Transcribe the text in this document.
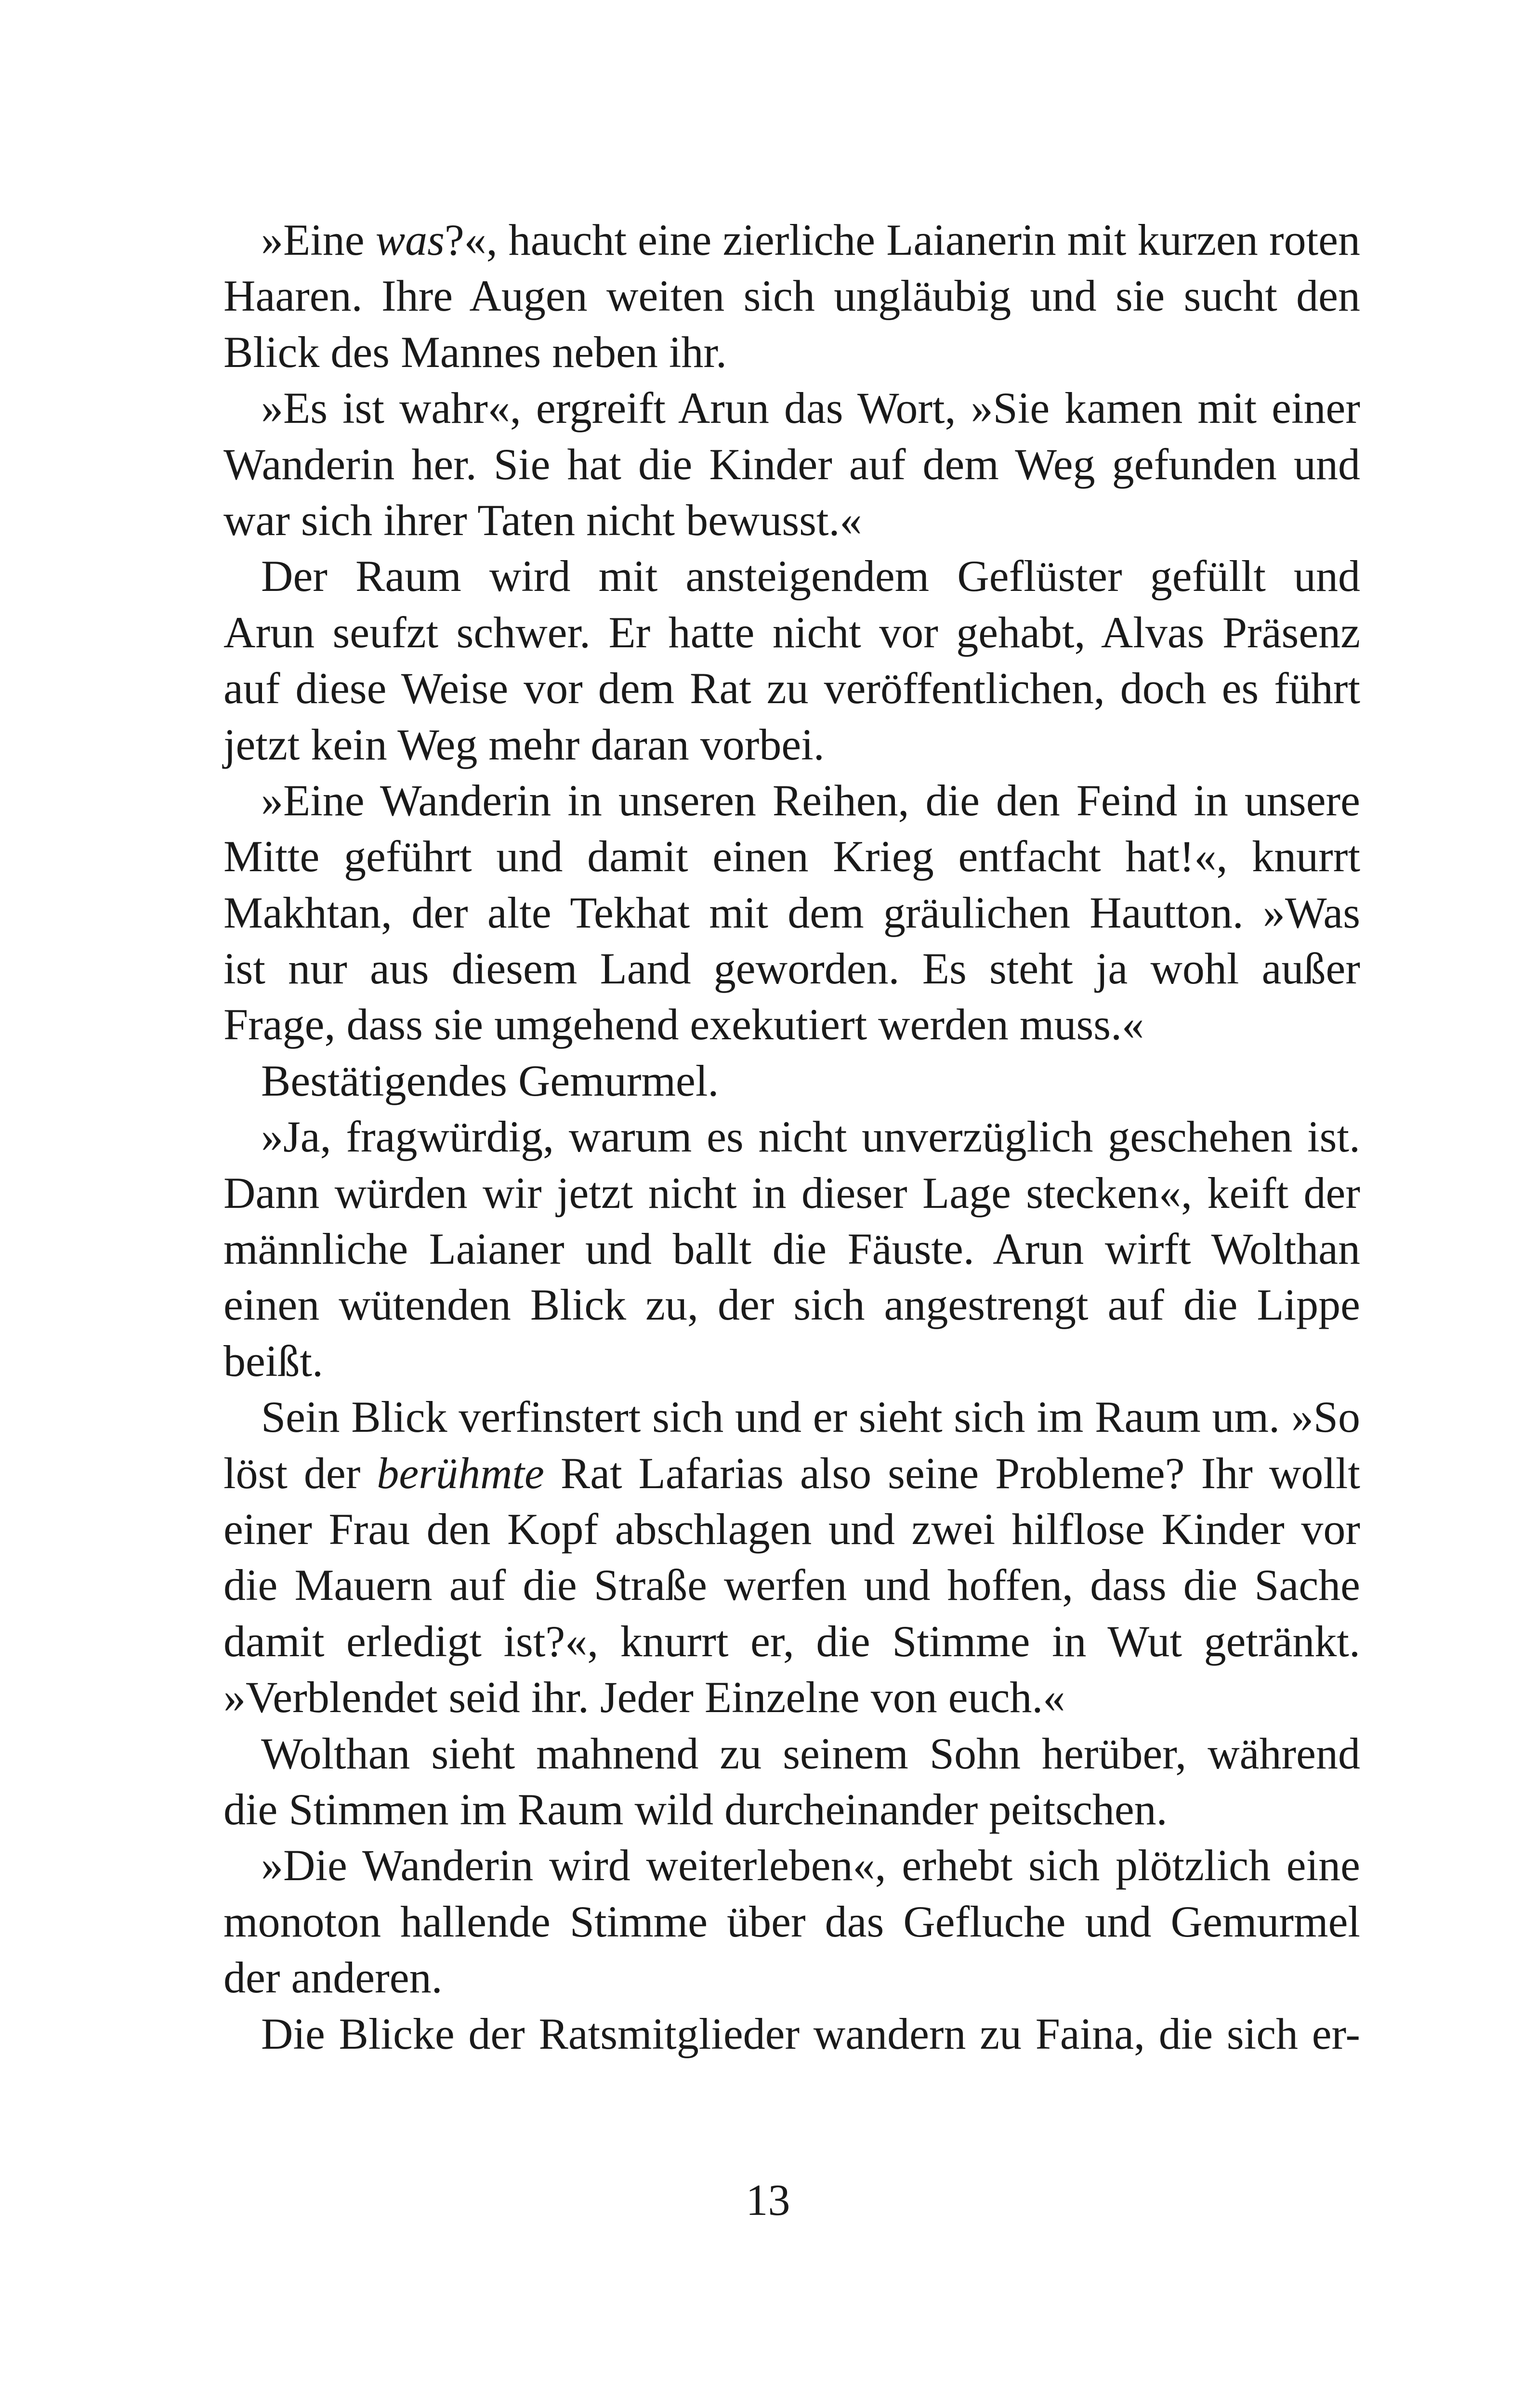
»Eine was?«, haucht eine zierliche Laianerin mit kurzen roten
Haaren. Ihre Augen weiten sich ungläubig und sie sucht den
Blick des Mannes neben ihr.
»Es ist wahr«, ergreift Arun das Wort, »Sie kamen mit einer
Wanderin her. Sie hat die Kinder auf dem Weg gefunden und
war sich ihrer Taten nicht bewusst.«
Der Raum wird mit ansteigendem Geflüster gefüllt und
Arun seufzt schwer. Er hatte nicht vor gehabt, Alvas Präsenz
auf diese Weise vor dem Rat zu veröffentlichen, doch es führt
jetzt kein Weg mehr daran vorbei.
»Eine Wanderin in unseren Reihen, die den Feind in unsere
Mitte geführt und damit einen Krieg entfacht hat!«, knurrt
Makhtan, der alte Tekhat mit dem gräulichen Hautton. »Was
ist nur aus diesem Land geworden. Es steht ja wohl außer
Frage, dass sie umgehend exekutiert werden muss.«
Bestätigendes Gemurmel.
»Ja, fragwürdig, warum es nicht unverzüglich geschehen ist.
Dann würden wir jetzt nicht in dieser Lage stecken«, keift der
männliche Laianer und ballt die Fäuste. Arun wirft Wolthan
einen wütenden Blick zu, der sich angestrengt auf die Lippe
beißt.
Sein Blick verfinstert sich und er sieht sich im Raum um. »So
löst der berühmte Rat Lafarias also seine Probleme? Ihr wollt
einer Frau den Kopf abschlagen und zwei hilflose Kinder vor
die Mauern auf die Straße werfen und hoffen, dass die Sache
damit erledigt ist?«, knurrt er, die Stimme in Wut getränkt.
»Verblendet seid ihr. Jeder Einzelne von euch.«
Wolthan sieht mahnend zu seinem Sohn herüber, während
die Stimmen im Raum wild durcheinander peitschen.
»Die Wanderin wird weiterleben«, erhebt sich plötzlich eine
monoton hallende Stimme über das Gefluche und Gemurmel
der anderen.
Die Blicke der Ratsmitglieder wandern zu Faina, die sich er-
13
